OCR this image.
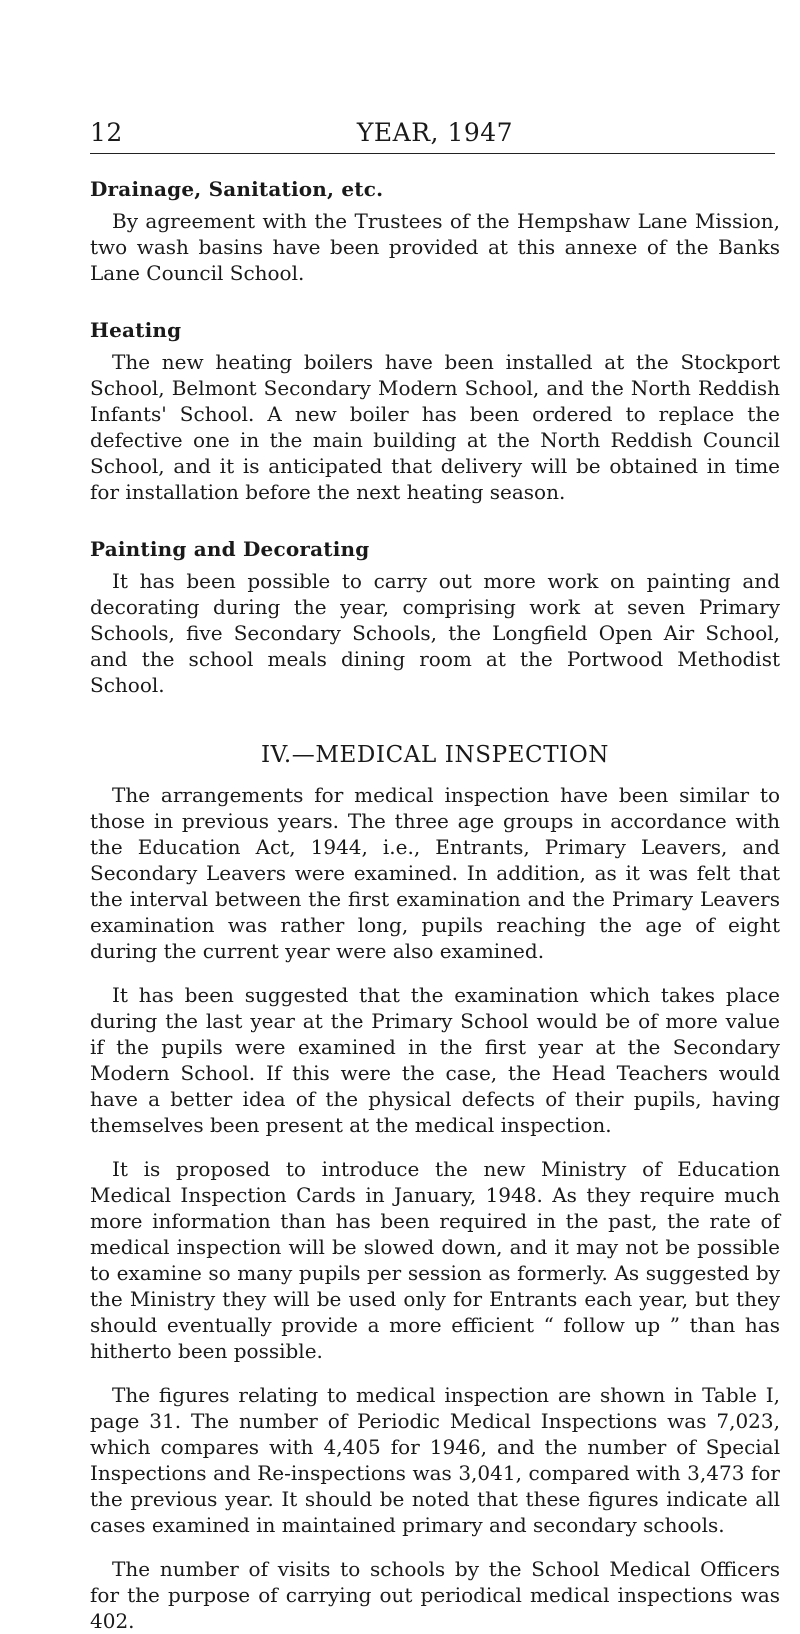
12	YEAR, 1947
Drainage, Sanitation, etc.

By agreement with the Trustees of the Hempshaw Lane Mission, two wash basins have been provided at this annexe of the Banks Lane Council School.

Heating

The new heating boilers have been installed at the Stockport School, Belmont Secondary Modern School, and the North Reddish Infants' School. A new boiler has been ordered to replace the defective one in the main building at the North Reddish Council School, and it is anticipated that delivery will be obtained in time for installation before the next heating season.

Painting and Decorating

It has been possible to carry out more work on painting and decorating during the year, comprising work at seven Primary Schools, five Secondary Schools, the Longfield Open Air School, and the school meals dining room at the Portwood Methodist School.

IV.—MEDICAL INSPECTION

The arrangements for medical inspection have been similar to those in previous years. The three age groups in accordance with the Education Act, 1944, i.e., Entrants, Primary Leavers, and Secondary Leavers were examined. In addition, as it was felt that the interval between the first examination and the Primary Leavers examination was rather long, pupils reaching the age of eight during the current year were also examined.

It has been suggested that the examination which takes place during the last year at the Primary School would be of more value if the pupils were examined in the first year at the Secondary Modern School. If this were the case, the Head Teachers would have a better idea of the physical defects of their pupils, having themselves been present at the medical inspection.

It is proposed to introduce the new Ministry of Education Medical Inspection Cards in January, 1948. As they require much more information than has been required in the past, the rate of medical inspection will be slowed down, and it may not be possible to examine so many pupils per session as formerly. As suggested by the Ministry they will be used only for Entrants each year, but they should eventually provide a more efficient “ follow up ” than has hitherto been possible.

The figures relating to medical inspection are shown in Table I, page 31. The number of Periodic Medical Inspections was 7,023, which compares with 4,405 for 1946, and the number of Special Inspections and Re-inspections was 3,041, compared with 3,473 for the previous year. It should be noted that these figures indicate all cases examined in maintained primary and secondary schools.

The number of visits to schools by the School Medical Officers for the purpose of carrying out periodical medical inspections was 402.
